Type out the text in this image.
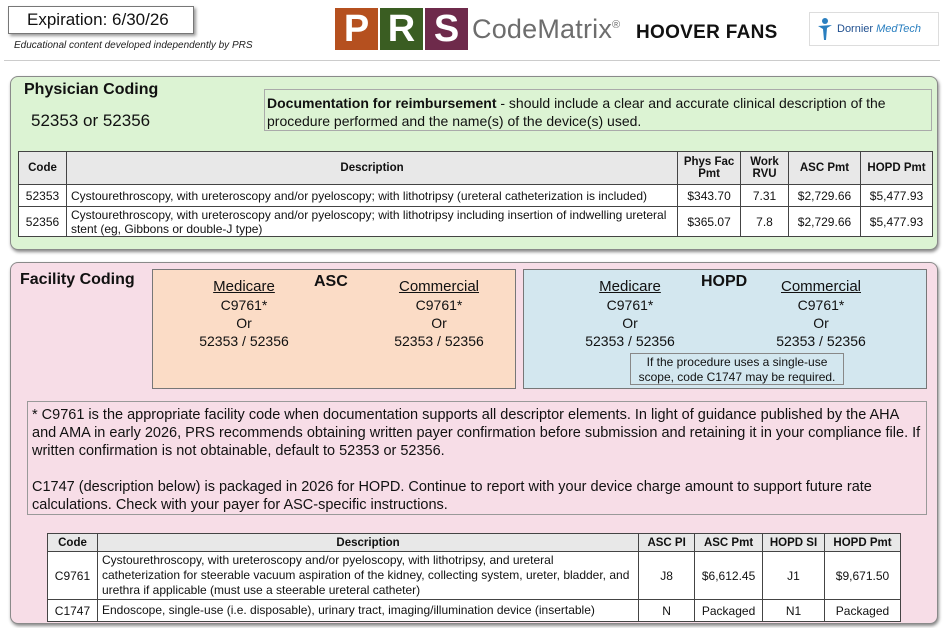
Expiration: 6/30/26
Educational content developed independently by PRS P R S CodeMatrix® HOOVER FANS	Dornier MedTech
Physician Coding
52353 or 52356
Documentation for reimbursement - should include a clear and accurate clinical description of the procedure performed and the name(s) of the device(s) used.
Code	Description	Phys Fac Pmt	Work RVU	ASC Pmt	HOPD Pmt
52353	Cystourethroscopy, with ureteroscopy and/or pyeloscopy; with lithotripsy (ureteral catheterization is included)	$343.70	7.31	$2,729.66	$5,477.93
52356	Cystourethroscopy, with ureteroscopy and/or pyeloscopy; with lithotripsy including insertion of indwelling ureteral stent (eg, Gibbons or double-J type)	$365.07	7.8	$2,729.66	$5,477.93
Facility Coding	ASC
Medicare
C9761*
Or
52353 / 52356
Commercial
C9761*
Or
52353 / 52356
HOPD
Medicare
C9761*
Or
52353 / 52356
Commercial
C9761*
Or
52353 / 52356
If the procedure uses a single-use scope, code C1747 may be required.

* C9761 is the appropriate facility code when documentation supports all descriptor elements. In light of guidance published by the AHA and AMA in early 2026, PRS recommends obtaining written payer confirmation before submission and retaining it in your compliance file. If written confirmation is not obtainable, default to 52353 or 52356.

C1747 (description below) is packaged in 2026 for HOPD. Continue to report with your device charge amount to support future rate calculations. Check with your payer for ASC-specific instructions.

Code	Description	ASC PI	ASC Pmt	HOPD SI	HOPD Pmt
C9761	Cystourethroscopy, with ureteroscopy and/or pyeloscopy, with lithotripsy, and ureteral catheterization for steerable vacuum aspiration of the kidney, collecting system, ureter, bladder, and urethra if applicable (must use a steerable ureteral catheter)	J8	$6,612.45	J1	$9,671.50
C1747	Endoscope, single-use (i.e. disposable), urinary tract, imaging/illumination device (insertable)	N	Packaged	N1	Packaged
